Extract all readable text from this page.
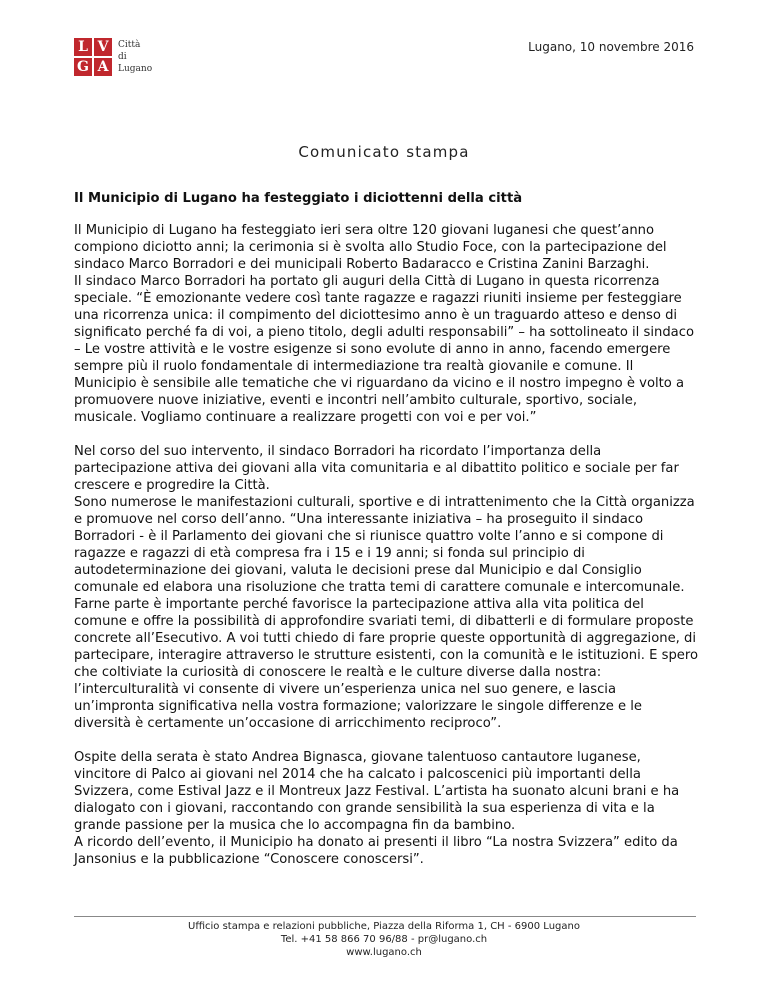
L V
G A
Città
di
Lugano
Lugano, 10 novembre 2016
Comunicato stampa
Il Municipio di Lugano ha festeggiato i diciottenni della città

Il Municipio di Lugano ha festeggiato ieri sera oltre 120 giovani luganesi che quest’anno compiono diciotto anni; la cerimonia si è svolta allo Studio Foce, con la partecipazione del sindaco Marco Borradori e dei municipali Roberto Badaracco e Cristina Zanini Barzaghi.

Il sindaco Marco Borradori ha portato gli auguri della Città di Lugano in questa ricorrenza speciale. “È emozionante vedere così tante ragazze e ragazzi riuniti insieme per festeggiare una ricorrenza unica: il compimento del diciottesimo anno è un traguardo atteso e denso di significato perché fa di voi, a pieno titolo, degli adulti responsabili” – ha sottolineato il sindaco – Le vostre attività e le vostre esigenze si sono evolute di anno in anno, facendo emergere sempre più il ruolo fondamentale di intermediazione tra realtà giovanile e comune. Il Municipio è sensibile alle tematiche che vi riguardano da vicino e il nostro impegno è volto a promuovere nuove iniziative, eventi e incontri nell’ambito culturale, sportivo, sociale, musicale. Vogliamo continuare a realizzare progetti con voi e per voi.”

Nel corso del suo intervento, il sindaco Borradori ha ricordato l’importanza della partecipazione attiva dei giovani alla vita comunitaria e al dibattito politico e sociale per far crescere e progredire la Città.

Sono numerose le manifestazioni culturali, sportive e di intrattenimento che la Città organizza e promuove nel corso dell’anno. “Una interessante iniziativa – ha proseguito il sindaco Borradori - è il Parlamento dei giovani che si riunisce quattro volte l’anno e si compone di ragazze e ragazzi di età compresa fra i 15 e i 19 anni; si fonda sul principio di autodeterminazione dei giovani, valuta le decisioni prese dal Municipio e dal Consiglio comunale ed elabora una risoluzione che tratta temi di carattere comunale e intercomunale. Farne parte è importante perché favorisce la partecipazione attiva alla vita politica del comune e offre la possibilità di approfondire svariati temi, di dibatterli e di formulare proposte concrete all’Esecutivo. A voi tutti chiedo di fare proprie queste opportunità di aggregazione, di partecipare, interagire attraverso le strutture esistenti, con la comunità e le istituzioni. E spero che coltiviate la curiosità di conoscere le realtà e le culture diverse dalla nostra: l’interculturalità vi consente di vivere un’esperienza unica nel suo genere, e lascia un’impronta significativa nella vostra formazione; valorizzare le singole differenze e le diversità è certamente un’occasione di arricchimento reciproco”.

Ospite della serata è stato Andrea Bignasca, giovane talentuoso cantautore luganese, vincitore di Palco ai giovani nel 2014 che ha calcato i palcoscenici più importanti della Svizzera, come Estival Jazz e il Montreux Jazz Festival. L’artista ha suonato alcuni brani e ha dialogato con i giovani, raccontando con grande sensibilità la sua esperienza di vita e la grande passione per la musica che lo accompagna fin da bambino.

A ricordo dell’evento, il Municipio ha donato ai presenti il libro “La nostra Svizzera” edito da Jansonius e la pubblicazione “Conoscere conoscersi”.

Ufficio stampa e relazioni pubbliche, Piazza della Riforma 1, CH - 6900 Lugano
Tel. +41 58 866 70 96/88 - pr@lugano.ch
www.lugano.ch
